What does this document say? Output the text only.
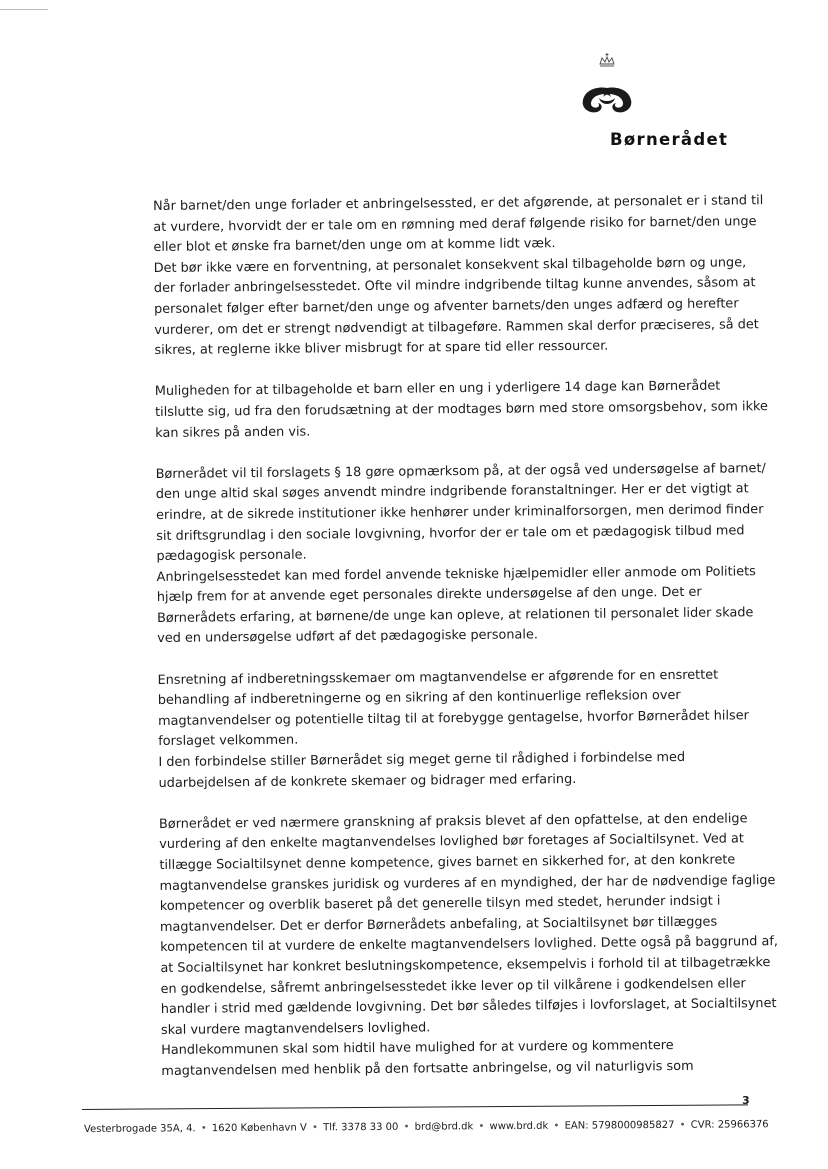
Børnerådet
Når barnet/den unge forlader et anbringelsessted, er det afgørende, at personalet er i stand til
at vurdere, hvorvidt der er tale om en rømning med deraf følgende risiko for barnet/den unge
eller blot et ønske fra barnet/den unge om at komme lidt væk.
Det bør ikke være en forventning, at personalet konsekvent skal tilbageholde børn og unge,
der forlader anbringelsesstedet. Ofte vil mindre indgribende tiltag kunne anvendes, såsom at
personalet følger efter barnet/den unge og afventer barnets/den unges adfærd og herefter
vurderer, om det er strengt nødvendigt at tilbageføre. Rammen skal derfor præciseres, så det
sikres, at reglerne ikke bliver misbrugt for at spare tid eller ressourcer.
Muligheden for at tilbageholde et barn eller en ung i yderligere 14 dage kan Børnerådet
tilslutte sig, ud fra den forudsætning at der modtages børn med store omsorgsbehov, som ikke
kan sikres på anden vis.
Børnerådet vil til forslagets § 18 gøre opmærksom på, at der også ved undersøgelse af barnet/
den unge altid skal søges anvendt mindre indgribende foranstaltninger. Her er det vigtigt at
erindre, at de sikrede institutioner ikke henhører under kriminalforsorgen, men derimod finder
sit driftsgrundlag i den sociale lovgivning, hvorfor der er tale om et pædagogisk tilbud med
pædagogisk personale.
Anbringelsesstedet kan med fordel anvende tekniske hjælpemidler eller anmode om Politiets
hjælp frem for at anvende eget personales direkte undersøgelse af den unge. Det er
Børnerådets erfaring, at børnene/de unge kan opleve, at relationen til personalet lider skade
ved en undersøgelse udført af det pædagogiske personale.
Ensretning af indberetningsskemaer om magtanvendelse er afgørende for en ensrettet
behandling af indberetningerne og en sikring af den kontinuerlige refleksion over
magtanvendelser og potentielle tiltag til at forebygge gentagelse, hvorfor Børnerådet hilser
forslaget velkommen.
I den forbindelse stiller Børnerådet sig meget gerne til rådighed i forbindelse med
udarbejdelsen af de konkrete skemaer og bidrager med erfaring.
Børnerådet er ved nærmere granskning af praksis blevet af den opfattelse, at den endelige
vurdering af den enkelte magtanvendelses lovlighed bør foretages af Socialtilsynet. Ved at
tillægge Socialtilsynet denne kompetence, gives barnet en sikkerhed for, at den konkrete
magtanvendelse granskes juridisk og vurderes af en myndighed, der har de nødvendige faglige
kompetencer og overblik baseret på det generelle tilsyn med stedet, herunder indsigt i
magtanvendelser. Det er derfor Børnerådets anbefaling, at Socialtilsynet bør tillægges
kompetencen til at vurdere de enkelte magtanvendelsers lovlighed. Dette også på baggrund af,
at Socialtilsynet har konkret beslutningskompetence, eksempelvis i forhold til at tilbagetrække
en godkendelse, såfremt anbringelsesstedet ikke lever op til vilkårene i godkendelsen eller
handler i strid med gældende lovgivning. Det bør således tilføjes i lovforslaget, at Socialtilsynet
skal vurdere magtanvendelsers lovlighed.
Handlekommunen skal som hidtil have mulighed for at vurdere og kommentere
magtanvendelsen med henblik på den fortsatte anbringelse, og vil naturligvis som
3
Vesterbrogade 35A, 4. • 1620 København V • Tlf. 3378 33 00 • brd@brd.dk • www.brd.dk • EAN: 5798000985827 • CVR: 25966376
